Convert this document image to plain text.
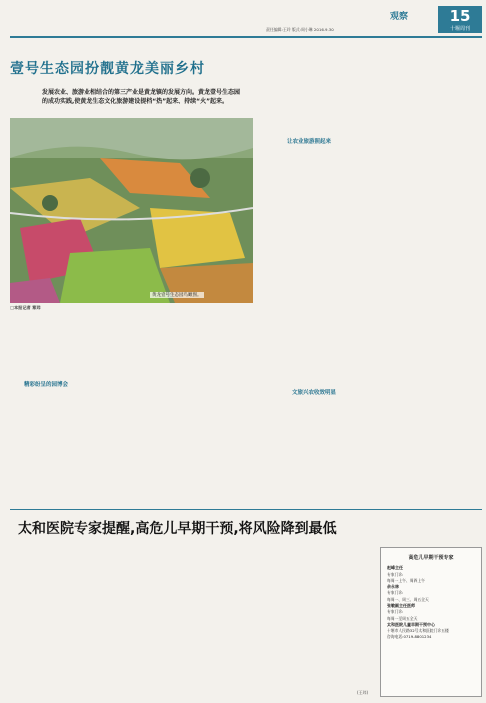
观察	15
十堰周刊
责任编辑:王玲 版式:周小琳 2016.9.30
壹号生态园扮靓黄龙美丽乡村
发展农业、旅游业相结合的第三产业是黄龙镇的发展方向。黄龙壹号生态园的成功实践,使黄龙生态文化旅游建设提档“热”起来、持续“火”起来。
黄龙壹号生态园鸟瞰图。
□本报记者 章玮
精彩纷呈的园博会
让农业旅游照起来
文旅兴农收效明显
太和医院专家提醒,高危儿早期干预,将风险降到最低
(王玮)
高危儿早期干预专家
赵峰主任
专家门诊:
每周一上午、周四上午
余永林
专家门诊:
每周一、周三、周五全天
张敏副主任医师
专家门诊:
每周一至周五全天
太和医院儿童早期干预中心
十堰市人民路32号太和医院门诊五楼
咨询电话:0719-8801234
